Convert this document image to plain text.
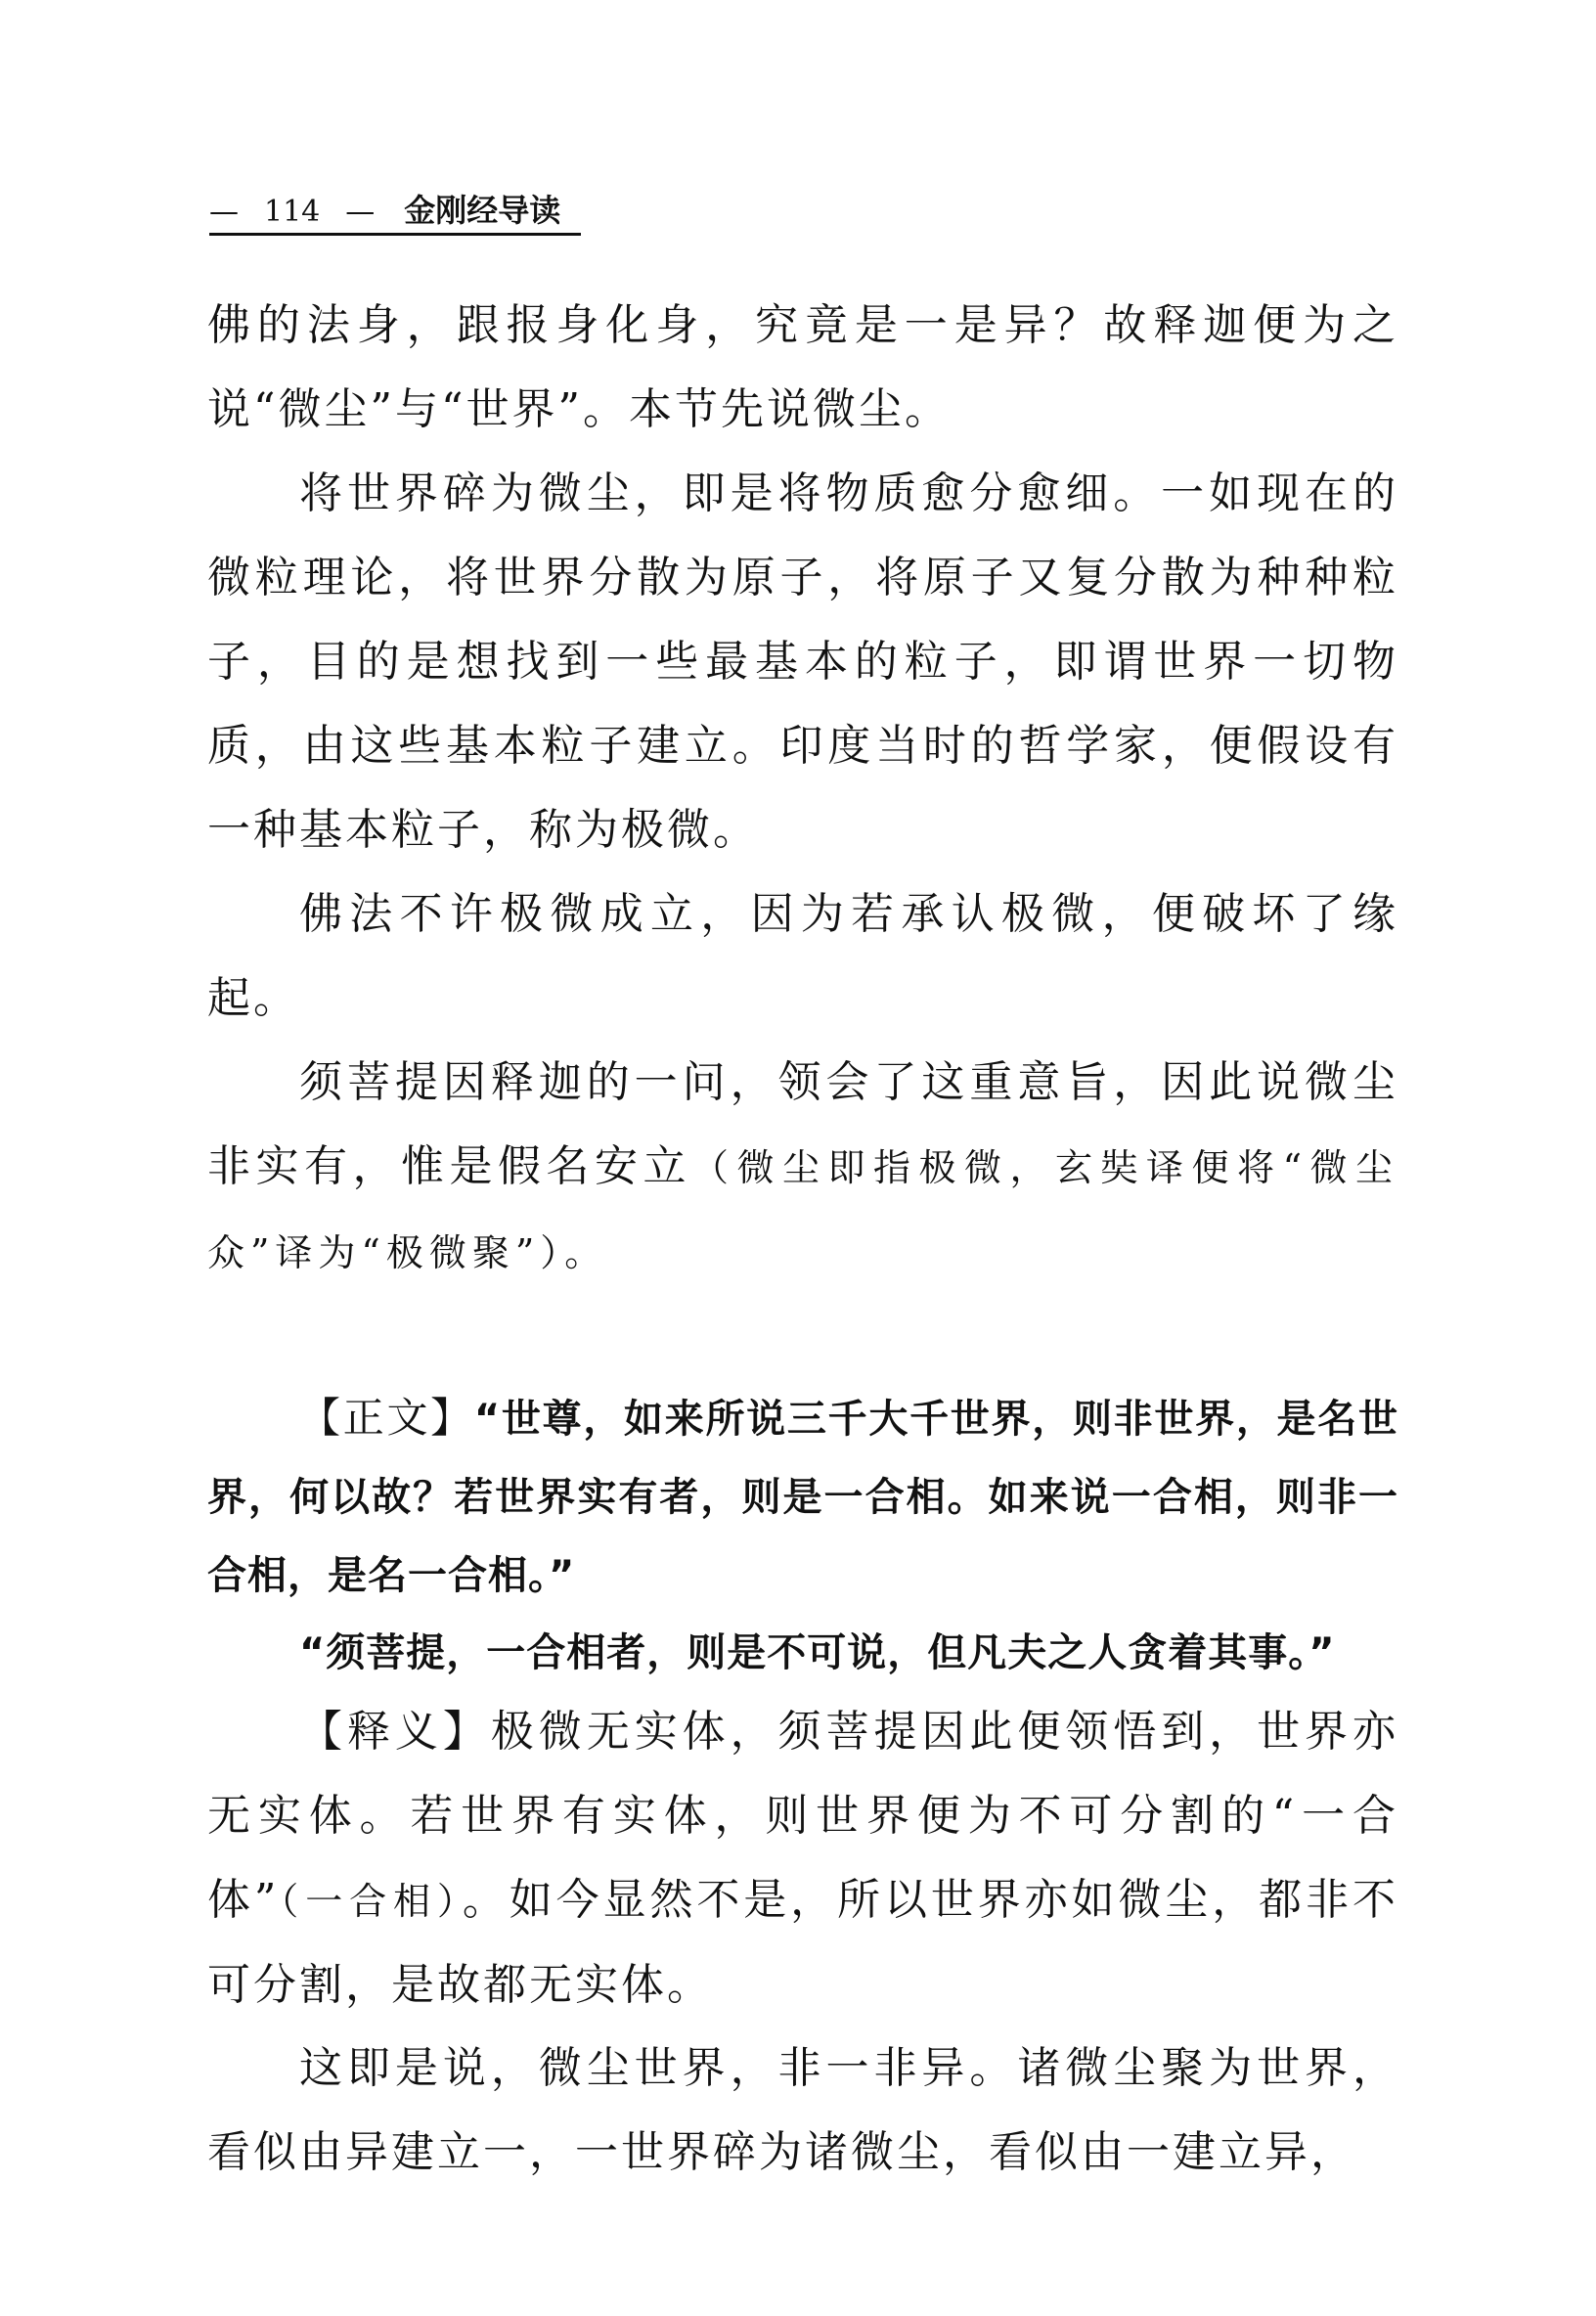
— 114 — 金刚经导读
佛的法身，跟报身化身，究竟是一是异？故释迦便为之说“微尘”与“世界”。本节先说微尘。
将世界碎为微尘，即是将物质愈分愈细。一如现在的微粒理论，将世界分散为原子，将原子又复分散为种种粒子，目的是想找到一些最基本的粒子，即谓世界一切物质，由这些基本粒子建立。印度当时的哲学家，便假设有一种基本粒子，称为极微。
佛法不许极微成立，因为若承认极微，便破坏了缘起。
须菩提因释迦的一问，领会了这重意旨，因此说微尘非实有，惟是假名安立（微尘即指极微，玄奘译便将“微尘众”译为“极微聚”）。
【正文】“世尊，如来所说三千大千世界，则非世界，是名世界，何以故？若世界实有者，则是一合相。如来说一合相，则非一合相，是名一合相。”
“须菩提，一合相者，则是不可说，但凡夫之人贪着其事。”
【释义】极微无实体，须菩提因此便领悟到，世界亦无实体。若世界有实体，则世界便为不可分割的“一合体”（一合相）。如今显然不是，所以世界亦如微尘，都非不可分割，是故都无实体。
这即是说，微尘世界，非一非异。诸微尘聚为世界，看似由异建立一，一世界碎为诸微尘，看似由一建立异，
